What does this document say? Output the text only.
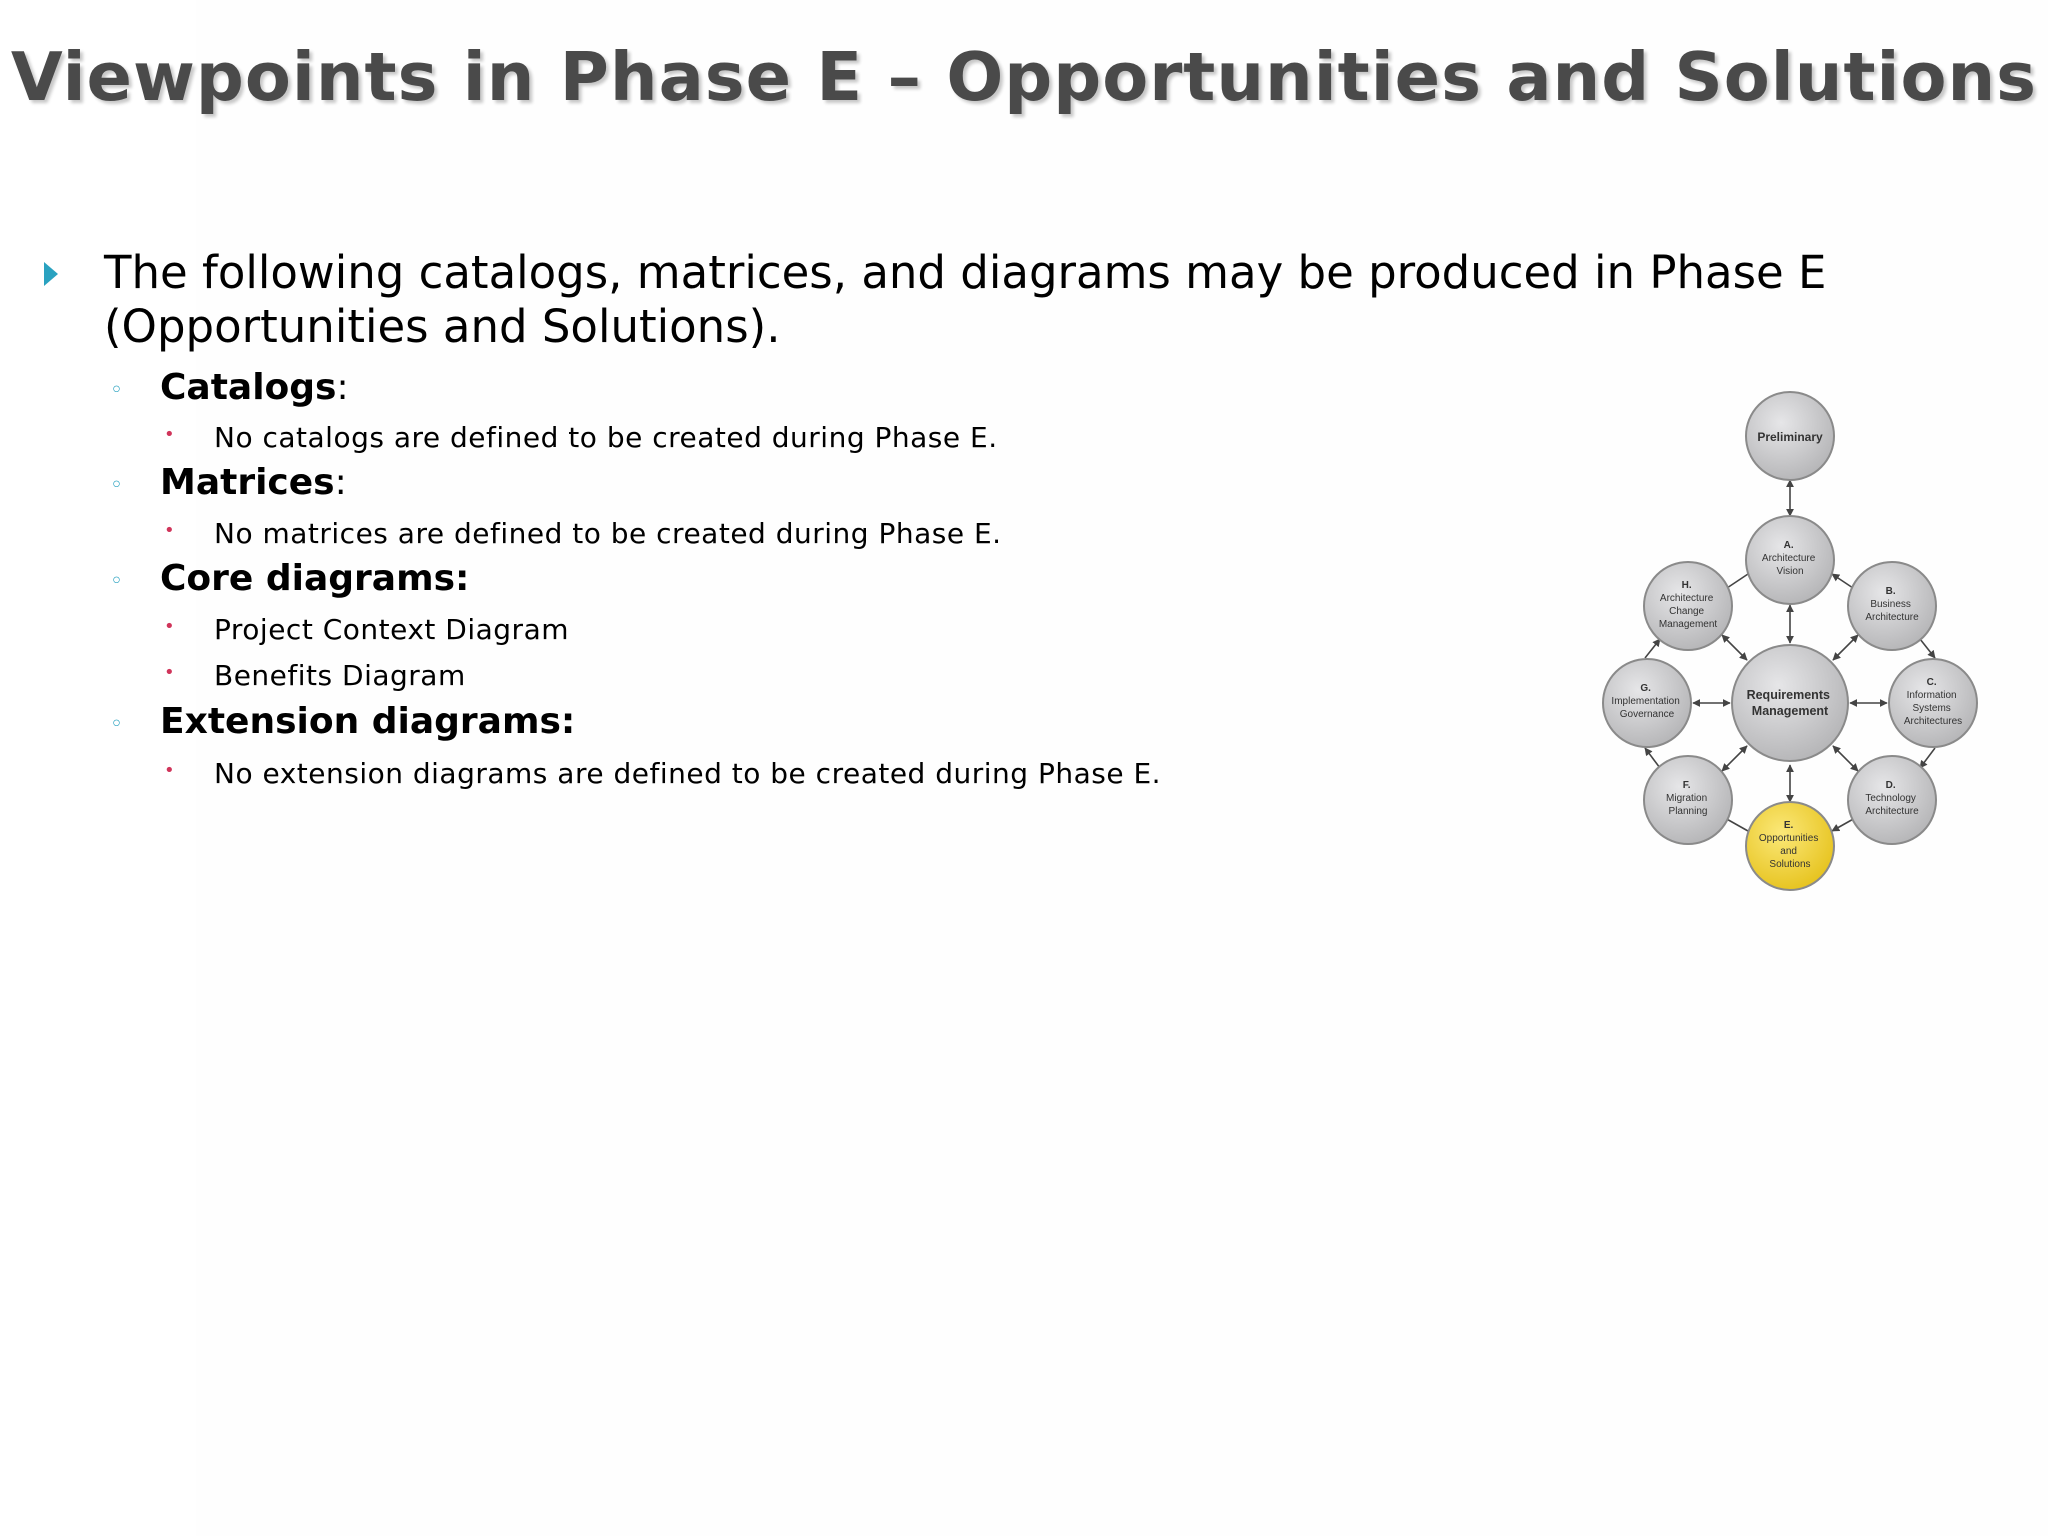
Viewpoints in Phase E – Opportunities and Solutions

The following catalogs, matrices, and diagrams may be produced in Phase E (Opportunities and Solutions).

◦ Catalogs:
• No catalogs are defined to be created during Phase E.
◦ Matrices:
• No matrices are defined to be created during Phase E.
◦ Core diagrams:
• Project Context Diagram
• Benefits Diagram
◦ Extension diagrams:
• No extension diagrams are defined to be created during Phase E.
Preliminary
Requirements Management
A. Architecture Vision
B. Business Architecture
C. Information Systems Architectures
D. Technology Architecture
E. Opportunities and Solutions
F. Migration Planning
G. Implementation Governance
H. Architecture Change Management
